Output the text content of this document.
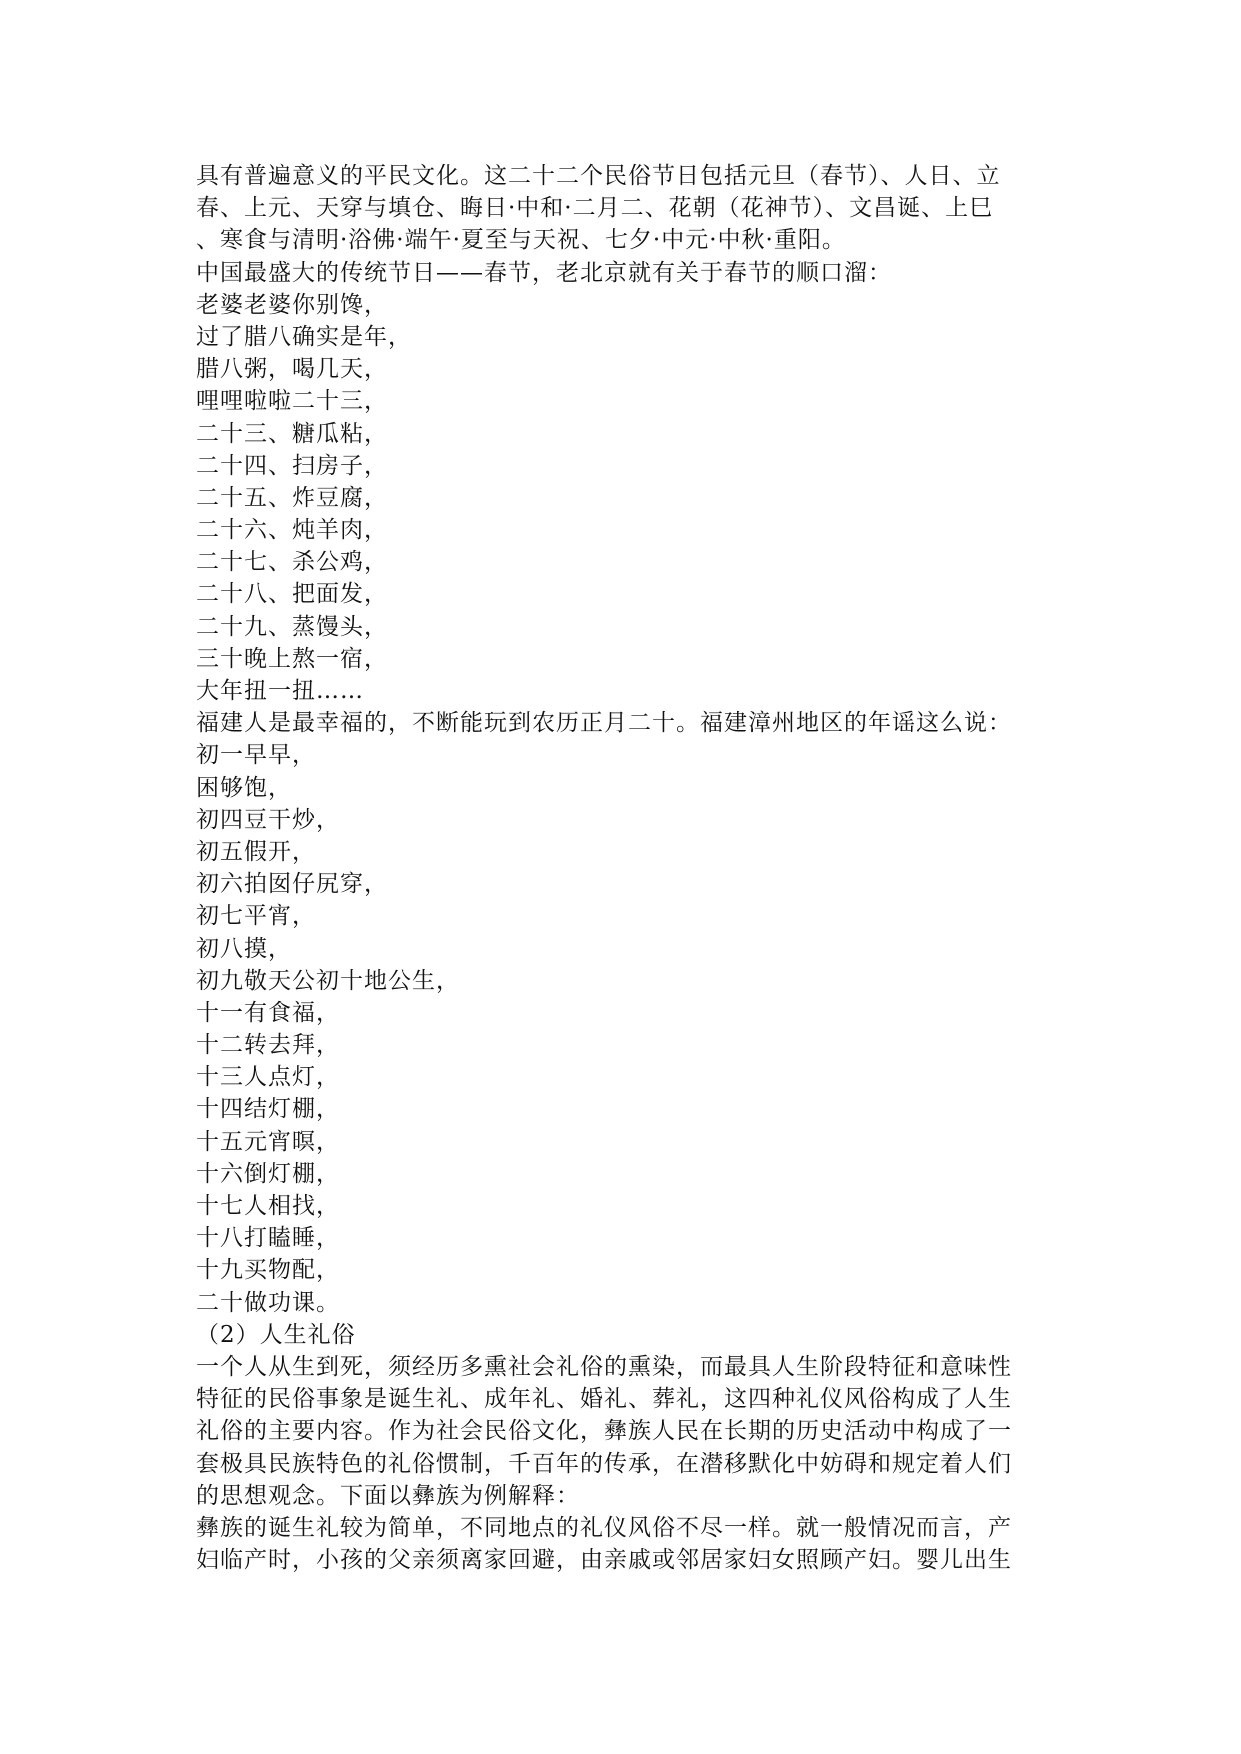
具有普遍意义的平民文化。这二十二个民俗节日包括元旦（春节）、人日、立
春、上元、天穿与填仓、晦日·中和·二月二、花朝（花神节）、文昌诞、上巳
、寒食与清明·浴佛·端午·夏至与天祝、七夕·中元·中秋·重阳。
中国最盛大的传统节日——春节，老北京就有关于春节的顺口溜：
老婆老婆你别馋，
过了腊八确实是年，
腊八粥，喝几天，
哩哩啦啦二十三，
二十三、糖瓜粘，
二十四、扫房子，
二十五、炸豆腐，
二十六、炖羊肉，
二十七、杀公鸡，
二十八、把面发，
二十九、蒸馒头，
三十晚上熬一宿，
大年扭一扭……
福建人是最幸福的，不断能玩到农历正月二十。福建漳州地区的年谣这么说：
初一早早，
困够饱，
初四豆干炒，
初五假开，
初六拍囡仔尻穿，
初七平宵，
初八摸，
初九敬天公初十地公生，
十一有食福，
十二转去拜，
十三人点灯，
十四结灯棚，
十五元宵暝，
十六倒灯棚，
十七人相找，
十八打瞌睡，
十九买物配，
二十做功课。
（2）人生礼俗
一个人从生到死，须经历多熏社会礼俗的熏染，而最具人生阶段特征和意味性
特征的民俗事象是诞生礼、成年礼、婚礼、葬礼，这四种礼仪风俗构成了人生
礼俗的主要内容。作为社会民俗文化，彝族人民在长期的历史活动中构成了一
套极具民族特色的礼俗惯制，千百年的传承，在潜移默化中妨碍和规定着人们
的思想观念。下面以彝族为例解释：
彝族的诞生礼较为简单，不同地点的礼仪风俗不尽一样。就一般情况而言，产
妇临产时，小孩的父亲须离家回避，由亲戚或邻居家妇女照顾产妇。婴儿出生
